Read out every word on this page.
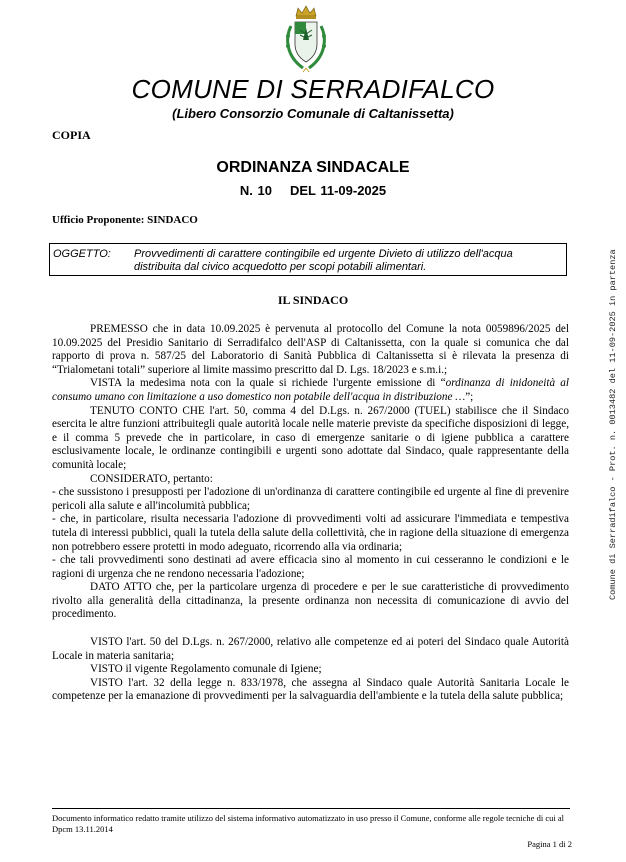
COMUNE DI SERRADIFALCO
(Libero Consorzio Comunale di Caltanissetta)
COPIA
ORDINANZA SINDACALE
N. 10 DEL 11-09-2025
Ufficio Proponente: SINDACO
OGGETTO: Provvedimenti di carattere contingibile ed urgente Divieto di utilizzo dell'acqua distribuita dal civico acquedotto per scopi potabili alimentari.
IL SINDACO

PREMESSO che in data 10.09.2025 è pervenuta al protocollo del Comune la nota 0059896/2025 del 10.09.2025 del Presidio Sanitario di Serradifalco dell'ASP di Caltanissetta, con la quale si comunica che dal rapporto di prova n. 587/25 del Laboratorio di Sanità Pubblica di Caltanissetta si è rilevata la presenza di “Trialometani totali” superiore al limite massimo prescritto dal D. Lgs. 18/2023 e s.m.i.;

VISTA la medesima nota con la quale si richiede l'urgente emissione di “ordinanza di inidoneità al consumo umano con limitazione a uso domestico non potabile dell'acqua in distribuzione …”;

TENUTO CONTO CHE l'art. 50, comma 4 del D.Lgs. n. 267/2000 (TUEL) stabilisce che il Sindaco esercita le altre funzioni attribuitegli quale autorità locale nelle materie previste da specifiche disposizioni di legge, e il comma 5 prevede che in particolare, in caso di emergenze sanitarie o di igiene pubblica a carattere esclusivamente locale, le ordinanze contingibili e urgenti sono adottate dal Sindaco, quale rappresentante della comunità locale;

CONSIDERATO, pertanto:

- che sussistono i presupposti per l'adozione di un'ordinanza di carattere contingibile ed urgente al fine di prevenire pericoli alla salute e all'incolumità pubblica;

- che, in particolare, risulta necessaria l'adozione di provvedimenti volti ad assicurare l'immediata e tempestiva tutela di interessi pubblici, quali la tutela della salute della collettività, che in ragione della situazione di emergenza non potrebbero essere protetti in modo adeguato, ricorrendo alla via ordinaria;

- che tali provvedimenti sono destinati ad avere efficacia sino al momento in cui cesseranno le condizioni e le ragioni di urgenza che ne rendono necessaria l'adozione;

DATO ATTO che, per la particolare urgenza di procedere e per le sue caratteristiche di provvedimento rivolto alla generalità della cittadinanza, la presente ordinanza non necessita di comunicazione di avvio del procedimento.

VISTO l'art. 50 del D.Lgs. n. 267/2000, relativo alle competenze ed ai poteri del Sindaco quale Autorità Locale in materia sanitaria;

VISTO il vigente Regolamento comunale di Igiene;

VISTO l'art. 32 della legge n. 833/1978, che assegna al Sindaco quale Autorità Sanitaria Locale le competenze per la emanazione di provvedimenti per la salvaguardia dell'ambiente e la tutela della salute pubblica;

Documento informatico redatto tramite utilizzo del sistema informativo automatizzato in uso presso il Comune, conforme alle regole tecniche di cui al Dpcm 13.11.2014
Pagina 1 di 2
Comune di Serradifalco - Prot. n. 0013482 del 11-09-2025 in partenza
